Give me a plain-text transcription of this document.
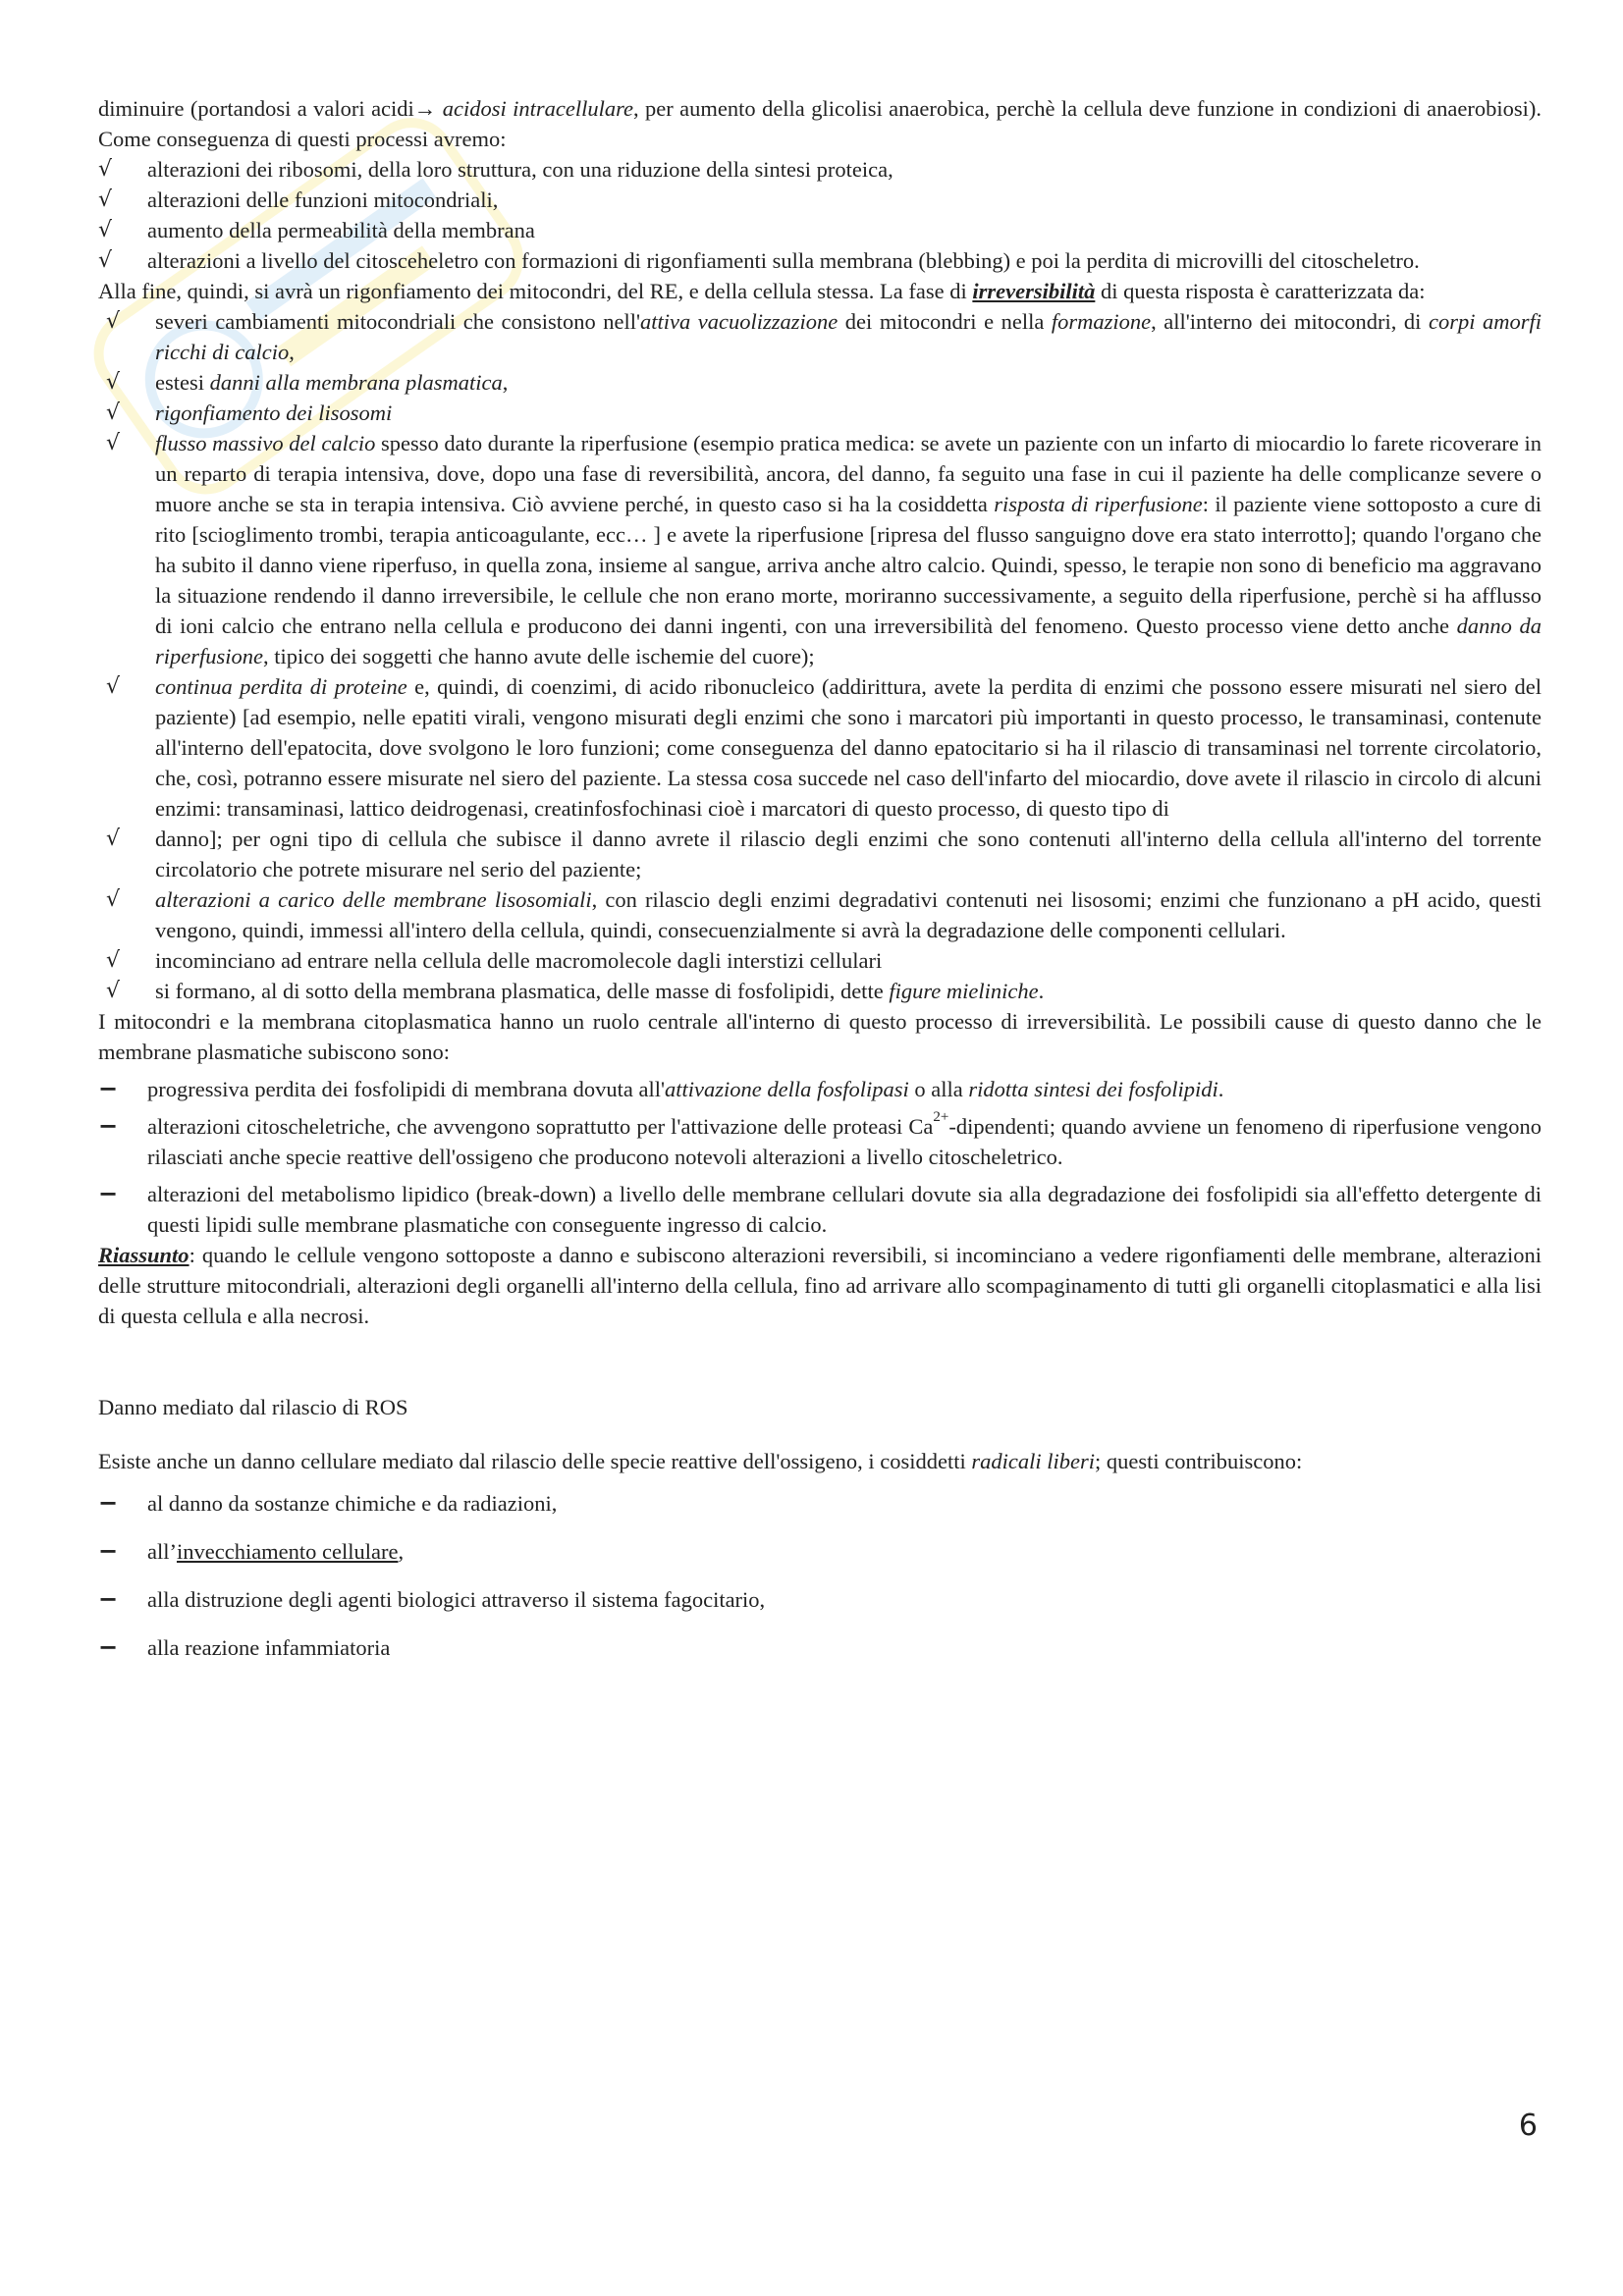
diminuire (portandosi a valori acidi→ acidosi intracellulare, per aumento della glicolisi anaerobica, perchè la cellula deve funzione in condizioni di anaerobiosi). Come conseguenza di questi processi avremo:

√	alterazioni dei ribosomi, della loro struttura, con una riduzione della sintesi proteica,
√	alterazioni delle funzioni mitocondriali,
√	aumento della permeabilità della membrana
√	alterazioni a livello del citosceheletro con formazioni di rigonfiamenti sulla membrana (blebbing) e poi la perdita di microvilli del citoscheletro.

Alla fine, quindi, si avrà un rigonfiamento dei mitocondri, del RE, e della cellula stessa. La fase di irreversibilità di questa risposta è caratterizzata da:

√	severi cambiamenti mitocondriali che consistono nell'attiva vacuolizzazione dei mitocondri e nella formazione, all'interno dei mitocondri, di corpi amorfi ricchi di calcio,
√	estesi danni alla membrana plasmatica,
√	rigonfiamento dei lisosomi
√	flusso massivo del calcio spesso dato durante la riperfusione (esempio pratica medica: se avete un paziente con un infarto di miocardio lo farete ricoverare in un reparto di terapia intensiva, dove, dopo una fase di reversibilità, ancora, del danno, fa seguito una fase in cui il paziente ha delle complicanze severe o muore anche se sta in terapia intensiva. Ciò avviene perché, in questo caso si ha la cosiddetta risposta di riperfusione: il paziente viene sottoposto a cure di rito [scioglimento trombi, terapia anticoagulante, ecc… ] e avete la riperfusione [ripresa del flusso sanguigno dove era stato interrotto]; quando l'organo che ha subito il danno viene riperfuso, in quella zona, insieme al sangue, arriva anche altro calcio. Quindi, spesso, le terapie non sono di beneficio ma aggravano la situazione rendendo il danno irreversibile, le cellule che non erano morte, moriranno successivamente, a seguito della riperfusione, perchè si ha afflusso di ioni calcio che entrano nella cellula e producono dei danni ingenti, con una irreversibilità del fenomeno. Questo processo viene detto anche danno da riperfusione, tipico dei soggetti che hanno avute delle ischemie del cuore);
√	continua perdita di proteine e, quindi, di coenzimi, di acido ribonucleico (addirittura, avete la perdita di enzimi che possono essere misurati nel siero del paziente) [ad esempio, nelle epatiti virali, vengono misurati degli enzimi che sono i marcatori più importanti in questo processo, le transaminasi, contenute all'interno dell'epatocita, dove svolgono le loro funzioni; come conseguenza del danno epatocitario si ha il rilascio di transaminasi nel torrente circolatorio, che, così, potranno essere misurate nel siero del paziente. La stessa cosa succede nel caso dell'infarto del miocardio, dove avete il rilascio in circolo di alcuni enzimi: transaminasi, lattico deidrogenasi, creatinfosfochinasi cioè i marcatori di questo processo, di questo tipo di
√	danno]; per ogni tipo di cellula che subisce il danno avrete il rilascio degli enzimi che sono contenuti all'interno della cellula all'interno del torrente circolatorio che potrete misurare nel serio del paziente;
√	alterazioni a carico delle membrane lisosomiali, con rilascio degli enzimi degradativi contenuti nei lisosomi; enzimi che funzionano a pH acido, questi vengono, quindi, immessi all'intero della cellula, quindi, consecuenzialmente si avrà la degradazione delle componenti cellulari.
√	incominciano ad entrare nella cellula delle macromolecole dagli interstizi cellulari
√	si formano, al di sotto della membrana plasmatica, delle masse di fosfolipidi, dette figure mieliniche.

I mitocondri e la membrana citoplasmatica hanno un ruolo centrale all'interno di questo processo di irreversibilità. Le possibili cause di questo danno che le membrane plasmatiche subiscono sono:

−	progressiva perdita dei fosfolipidi di membrana dovuta all'attivazione della fosfolipasi o alla ridotta sintesi dei fosfolipidi.
−	alterazioni citoscheletriche, che avvengono soprattutto per l'attivazione delle proteasi $Ca^{2+}$-dipendenti; quando avviene un fenomeno di riperfusione vengono rilasciati anche specie reattive dell'ossigeno che producono notevoli alterazioni a livello citoscheletrico.
−	alterazioni del metabolismo lipidico (break-down) a livello delle membrane cellulari dovute sia alla degradazione dei fosfolipidi sia all'effetto detergente di questi lipidi sulle membrane plasmatiche con conseguente ingresso di calcio.

Riassunto: quando le cellule vengono sottoposte a danno e subiscono alterazioni reversibili, si incominciano a vedere rigonfiamenti delle membrane, alterazioni delle strutture mitocondriali, alterazioni degli organelli all'interno della cellula, fino ad arrivare allo scompaginamento di tutti gli organelli citoplasmatici e alla lisi di questa cellula e alla necrosi.

Danno mediato dal rilascio di ROS

Esiste anche un danno cellulare mediato dal rilascio delle specie reattive dell'ossigeno, i cosiddetti radicali liberi; questi contribuiscono:

−	al danno da sostanze chimiche e da radiazioni,
−	all’invecchiamento cellulare,
−	alla distruzione degli agenti biologici attraverso il sistema fagocitario,
−	alla reazione infammiatoria
6
